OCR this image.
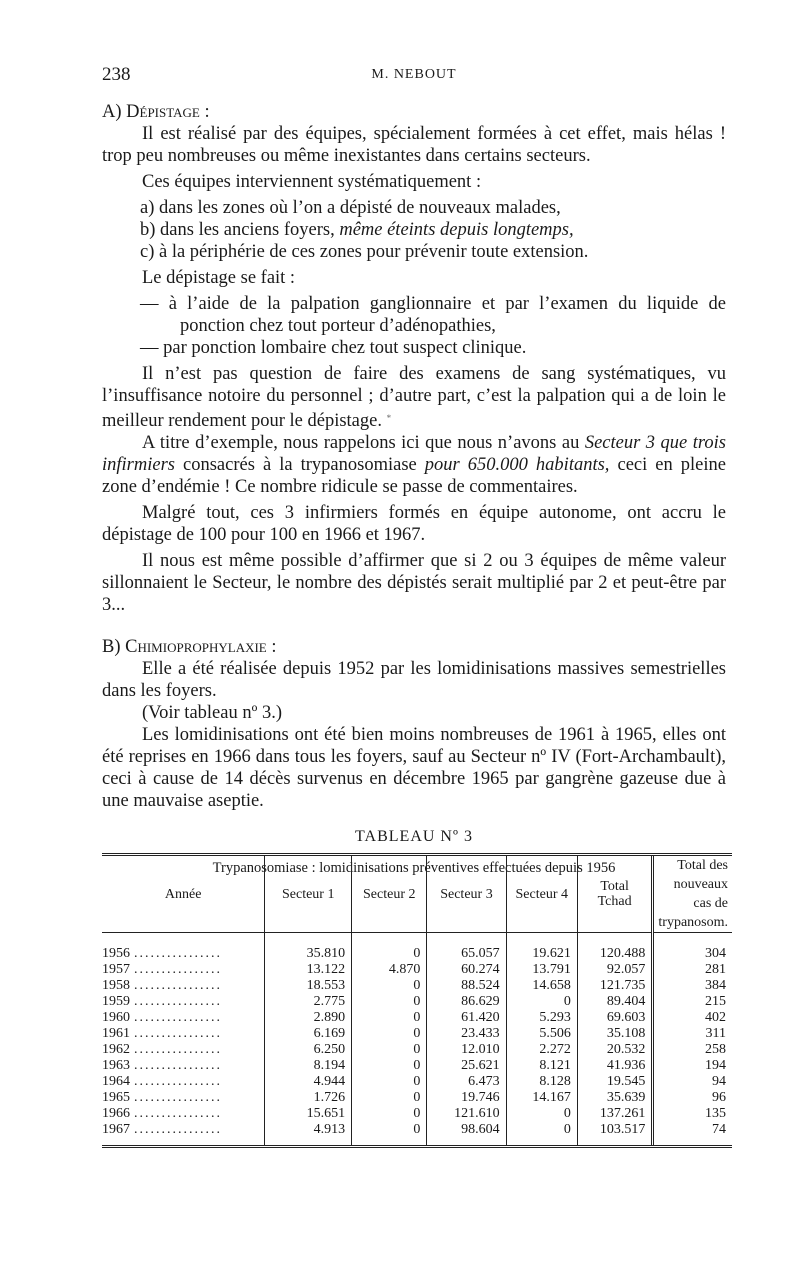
238	M. NEBOUT

A) Dépistage :

Il est réalisé par des équipes, spécialement formées à cet effet, mais hélas ! trop peu nombreuses ou même inexistantes dans certains secteurs.

Ces équipes interviennent systématiquement :

a) dans les zones où l’on a dépisté de nouveaux malades,

b) dans les anciens foyers, même éteints depuis longtemps,

c) à la périphérie de ces zones pour prévenir toute extension.

Le dépistage se fait :

— à l’aide de la palpation ganglionnaire et par l’examen du liquide de ponction chez tout porteur d’adénopathies,

— par ponction lombaire chez tout suspect clinique.

Il n’est pas question de faire des examens de sang systématiques, vu l’insuffisance notoire du personnel ; d’autre part, c’est la palpation qui a de loin le meilleur rendement pour le dépistage. *

A titre d’exemple, nous rappelons ici que nous n’avons au Secteur 3 que trois infirmiers consacrés à la trypanosomiase pour 650.000 habitants, ceci en pleine zone d’endémie ! Ce nombre ridicule se passe de commentaires.

Malgré tout, ces 3 infirmiers formés en équipe autonome, ont accru le dépistage de 100 pour 100 en 1966 et 1967.

Il nous est même possible d’affirmer que si 2 ou 3 équipes de même valeur sillonnaient le Secteur, le nombre des dépistés serait multiplié par 2 et peut-être par 3...

B) Chimioprophylaxie :

Elle a été réalisée depuis 1952 par les lomidinisations massives semestrielles dans les foyers.

(Voir tableau nº 3.)

Les lomidinisations ont été bien moins nombreuses de 1961 à 1965, elles ont été reprises en 1966 dans tous les foyers, sauf au Secteur nº IV (Fort-Archambault), ceci à cause de 14 décès survenus en décembre 1965 par gangrène gazeuse due à une mauvaise aseptie.

TABLEAU Nº 3
Trypanosomiase : lomidinisations préventives effectuées depuis 1956
Année	Secteur 1	Secteur 2	Secteur 3	Secteur 4	Total Tchad	Total des nouveaux cas de trypanosom.
1956 ................	35.810	0	65.057	19.621	120.488	304
1957 ................	13.122	4.870	60.274	13.791	92.057	281
1958 ................	18.553	0	88.524	14.658	121.735	384
1959 ................	2.775	0	86.629	0	89.404	215
1960 ................	2.890	0	61.420	5.293	69.603	402
1961 ................	6.169	0	23.433	5.506	35.108	311
1962 ................	6.250	0	12.010	2.272	20.532	258
1963 ................	8.194	0	25.621	8.121	41.936	194
1964 ................	4.944	0	6.473	8.128	19.545	94
1965 ................	1.726	0	19.746	14.167	35.639	96
1966 ................	15.651	0	121.610	0	137.261	135
1967 ................	4.913	0	98.604	0	103.517	74
